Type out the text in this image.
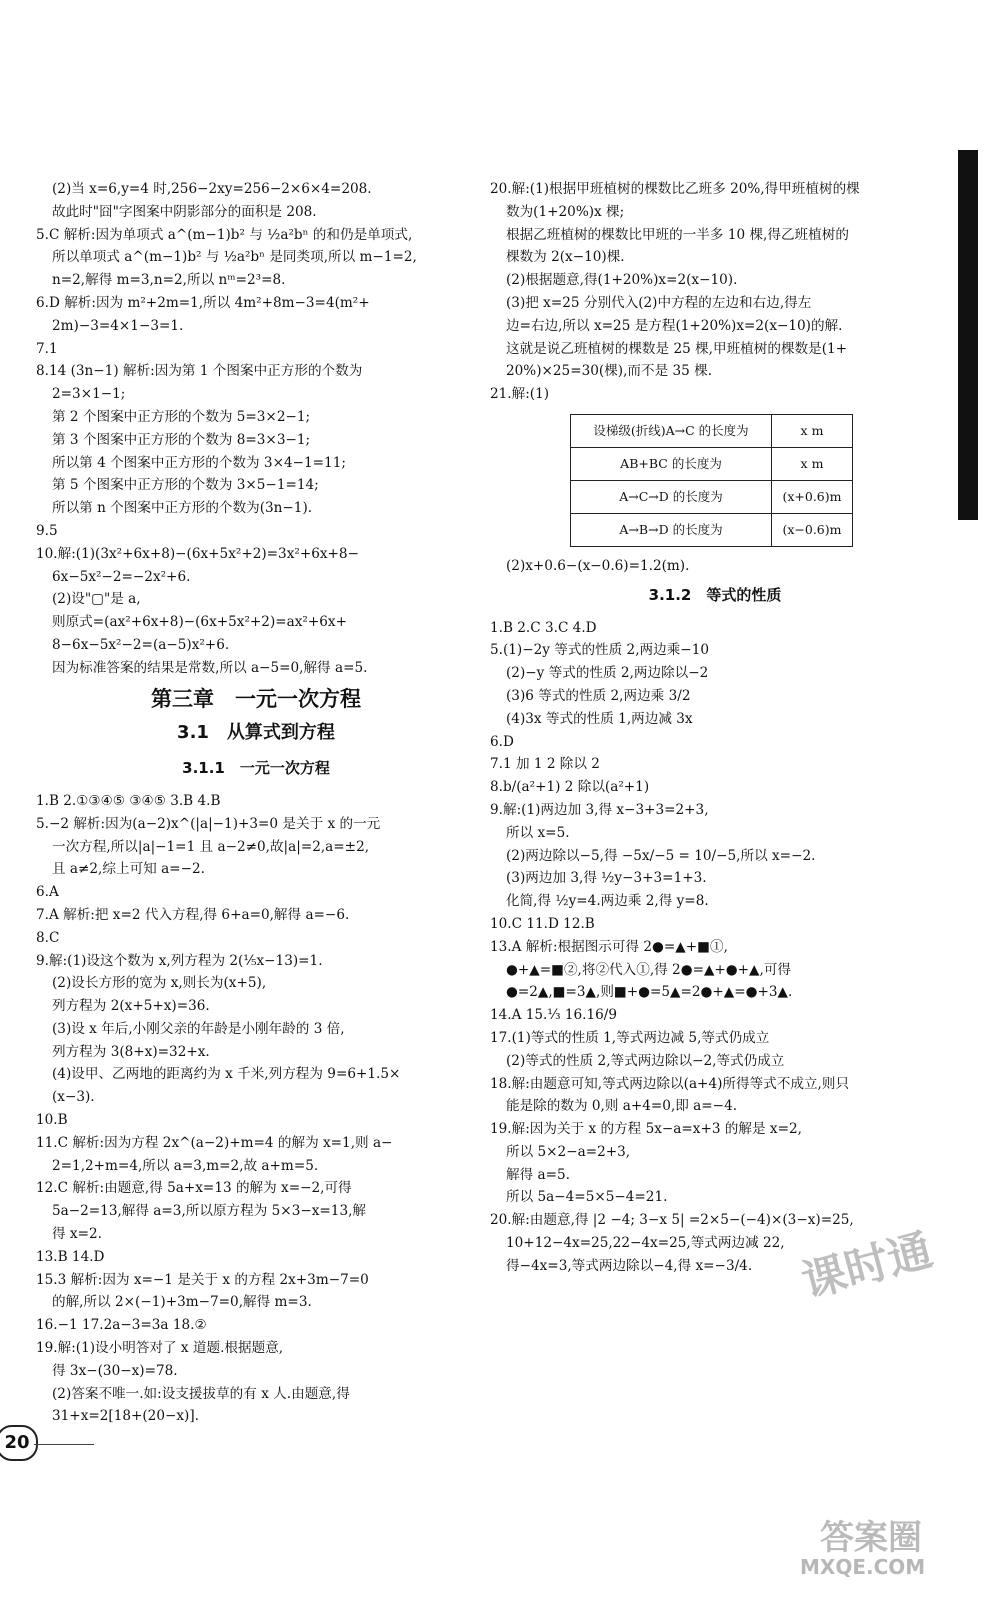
(2)当 x=6,y=4 时,256−2xy=256−2×6×4=208.
故此时"囧"字图案中阴影部分的面积是 208.
5.C 解析:因为单项式 a^(m−1)b² 与 ½a²bⁿ 的和仍是单项式,
所以单项式 a^(m−1)b² 与 ½a²bⁿ 是同类项,所以 m−1=2,
n=2,解得 m=3,n=2,所以 nᵐ=2³=8.
6.D 解析:因为 m²+2m=1,所以 4m²+8m−3=4(m²+
2m)−3=4×1−3=1.
7.1
8.14 (3n−1) 解析:因为第 1 个图案中正方形的个数为
2=3×1−1;
第 2 个图案中正方形的个数为 5=3×2−1;
第 3 个图案中正方形的个数为 8=3×3−1;
所以第 4 个图案中正方形的个数为 3×4−1=11;
第 5 个图案中正方形的个数为 3×5−1=14;
所以第 n 个图案中正方形的个数为(3n−1).
9.5
10.解:(1)(3x²+6x+8)−(6x+5x²+2)=3x²+6x+8−
6x−5x²−2=−2x²+6.
(2)设"▢"是 a,
则原式=(ax²+6x+8)−(6x+5x²+2)=ax²+6x+
8−6x−5x²−2=(a−5)x²+6.
因为标准答案的结果是常数,所以 a−5=0,解得 a=5.
第三章　一元一次方程
3.1　从算式到方程
3.1.1　一元一次方程
1.B 2.①③④⑤ ③④⑤ 3.B 4.B
5.−2 解析:因为(a−2)x^(|a|−1)+3=0 是关于 x 的一元
一次方程,所以|a|−1=1 且 a−2≠0,故|a|=2,a=±2,
且 a≠2,综上可知 a=−2.
6.A
7.A 解析:把 x=2 代入方程,得 6+a=0,解得 a=−6.
8.C
9.解:(1)设这个数为 x,列方程为 2(⅕x−13)=1.
(2)设长方形的宽为 x,则长为(x+5),
列方程为 2(x+5+x)=36.
(3)设 x 年后,小刚父亲的年龄是小刚年龄的 3 倍,
列方程为 3(8+x)=32+x.
(4)设甲、乙两地的距离约为 x 千米,列方程为 9=6+1.5×
(x−3).
10.B
11.C 解析:因为方程 2x^(a−2)+m=4 的解为 x=1,则 a−
2=1,2+m=4,所以 a=3,m=2,故 a+m=5.
12.C 解析:由题意,得 5a+x=13 的解为 x=−2,可得
5a−2=13,解得 a=3,所以原方程为 5×3−x=13,解
得 x=2.
13.B 14.D
15.3 解析:因为 x=−1 是关于 x 的方程 2x+3m−7=0
的解,所以 2×(−1)+3m−7=0,解得 m=3.
16.−1 17.2a−3=3a 18.②
19.解:(1)设小明答对了 x 道题.根据题意,
得 3x−(30−x)=78.
(2)答案不唯一.如:设支援拔草的有 x 人.由题意,得
31+x=2[18+(20−x)].
20.解:(1)根据甲班植树的棵数比乙班多 20%,得甲班植树的棵
数为(1+20%)x 棵;
根据乙班植树的棵数比甲班的一半多 10 棵,得乙班植树的
棵数为 2(x−10)棵.
(2)根据题意,得(1+20%)x=2(x−10).
(3)把 x=25 分别代入(2)中方程的左边和右边,得左
边=右边,所以 x=25 是方程(1+20%)x=2(x−10)的解.
这就是说乙班植树的棵数是 25 棵,甲班植树的棵数是(1+
20%)×25=30(棵),而不是 35 棵.
21.解:(1)
设梯级(折线)A→C 的长度为	x m
AB+BC 的长度为	x m
A→C→D 的长度为	(x+0.6)m
A→B→D 的长度为	(x−0.6)m
(2)x+0.6−(x−0.6)=1.2(m).
3.1.2　等式的性质
1.B 2.C 3.C 4.D
5.(1)−2y 等式的性质 2,两边乘−10
(2)−y 等式的性质 2,两边除以−2
(3)6 等式的性质 2,两边乘 3/2
(4)3x 等式的性质 1,两边减 3x
6.D
7.1 加 1 2 除以 2
8.b/(a²+1) 2 除以(a²+1)
9.解:(1)两边加 3,得 x−3+3=2+3,
所以 x=5.
(2)两边除以−5,得 −5x/−5 = 10/−5,所以 x=−2.
(3)两边加 3,得 ½y−3+3=1+3.
化简,得 ½y=4.两边乘 2,得 y=8.
10.C 11.D 12.B
13.A 解析:根据图示可得 2●=▲+■①,
●+▲=■②,将②代入①,得 2●=▲+●+▲,可得
●=2▲,■=3▲,则■+●=5▲=2●+▲=●+3▲.
14.A 15.⅓ 16.16/9
17.(1)等式的性质 1,等式两边减 5,等式仍成立
(2)等式的性质 2,等式两边除以−2,等式仍成立
18.解:由题意可知,等式两边除以(a+4)所得等式不成立,则只
能是除的数为 0,则 a+4=0,即 a=−4.
19.解:因为关于 x 的方程 5x−a=x+3 的解是 x=2,
所以 5×2−a=2+3,
解得 a=5.
所以 5a−4=5×5−4=21.
20.解:由题意,得 |2 −4; 3−x 5| =2×5−(−4)×(3−x)=25,
10+12−4x=25,22−4x=25,等式两边减 22,
得−4x=3,等式两边除以−4,得 x=−3/4.
20
课时通
答案圈
MXQE.COM
